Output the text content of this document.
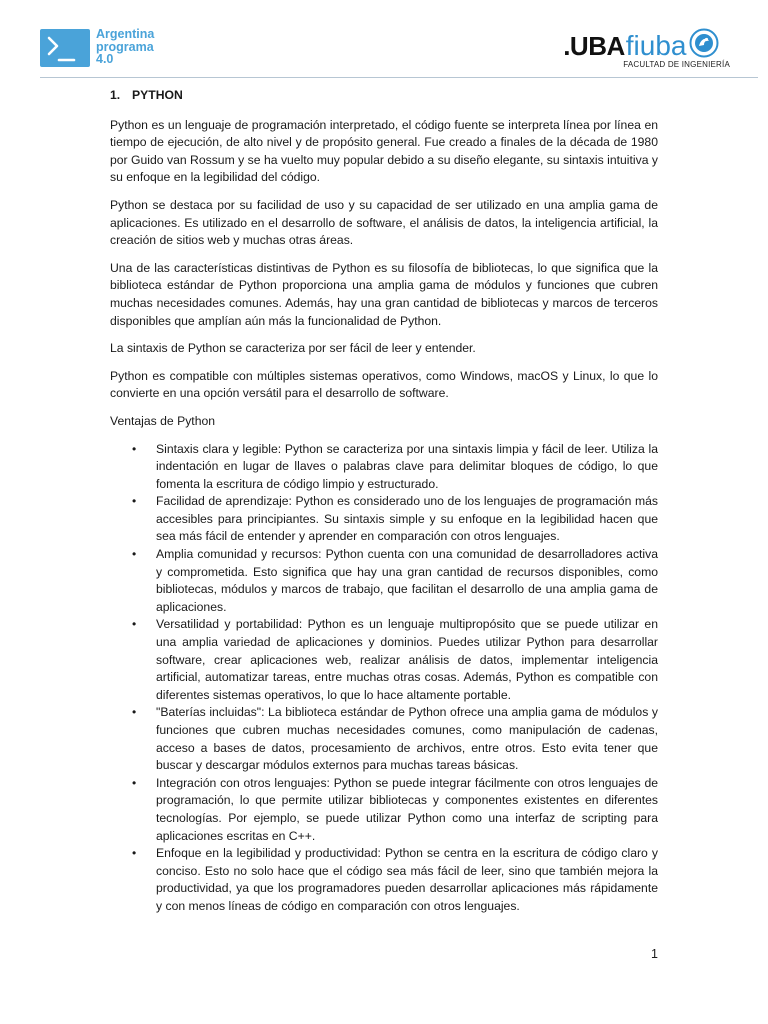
Argentina
programa
4.0	.UBA fiuba
FACULTAD DE INGENIERÍA
1. PYTHON

Python es un lenguaje de programación interpretado, el código fuente se interpreta línea por línea en tiempo de ejecución, de alto nivel y de propósito general. Fue creado a finales de la década de 1980 por Guido van Rossum y se ha vuelto muy popular debido a su diseño elegante, su sintaxis intuitiva y su enfoque en la legibilidad del código.

Python se destaca por su facilidad de uso y su capacidad de ser utilizado en una amplia gama de aplicaciones. Es utilizado en el desarrollo de software, el análisis de datos, la inteligencia artificial, la creación de sitios web y muchas otras áreas.

Una de las características distintivas de Python es su filosofía de bibliotecas, lo que significa que la biblioteca estándar de Python proporciona una amplia gama de módulos y funciones que cubren muchas necesidades comunes. Además, hay una gran cantidad de bibliotecas y marcos de terceros disponibles que amplían aún más la funcionalidad de Python.

La sintaxis de Python se caracteriza por ser fácil de leer y entender.

Python es compatible con múltiples sistemas operativos, como Windows, macOS y Linux, lo que lo convierte en una opción versátil para el desarrollo de software.

Ventajas de Python

• Sintaxis clara y legible: Python se caracteriza por una sintaxis limpia y fácil de leer. Utiliza la indentación en lugar de llaves o palabras clave para delimitar bloques de código, lo que fomenta la escritura de código limpio y estructurado.
• Facilidad de aprendizaje: Python es considerado uno de los lenguajes de programación más accesibles para principiantes. Su sintaxis simple y su enfoque en la legibilidad hacen que sea más fácil de entender y aprender en comparación con otros lenguajes.
• Amplia comunidad y recursos: Python cuenta con una comunidad de desarrolladores activa y comprometida. Esto significa que hay una gran cantidad de recursos disponibles, como bibliotecas, módulos y marcos de trabajo, que facilitan el desarrollo de una amplia gama de aplicaciones.
• Versatilidad y portabilidad: Python es un lenguaje multipropósito que se puede utilizar en una amplia variedad de aplicaciones y dominios. Puedes utilizar Python para desarrollar software, crear aplicaciones web, realizar análisis de datos, implementar inteligencia artificial, automatizar tareas, entre muchas otras cosas. Además, Python es compatible con diferentes sistemas operativos, lo que lo hace altamente portable.
• "Baterías incluidas": La biblioteca estándar de Python ofrece una amplia gama de módulos y funciones que cubren muchas necesidades comunes, como manipulación de cadenas, acceso a bases de datos, procesamiento de archivos, entre otros. Esto evita tener que buscar y descargar módulos externos para muchas tareas básicas.
• Integración con otros lenguajes: Python se puede integrar fácilmente con otros lenguajes de programación, lo que permite utilizar bibliotecas y componentes existentes en diferentes tecnologías. Por ejemplo, se puede utilizar Python como una interfaz de scripting para aplicaciones escritas en C++.
• Enfoque en la legibilidad y productividad: Python se centra en la escritura de código claro y conciso. Esto no solo hace que el código sea más fácil de leer, sino que también mejora la productividad, ya que los programadores pueden desarrollar aplicaciones más rápidamente y con menos líneas de código en comparación con otros lenguajes.
1
